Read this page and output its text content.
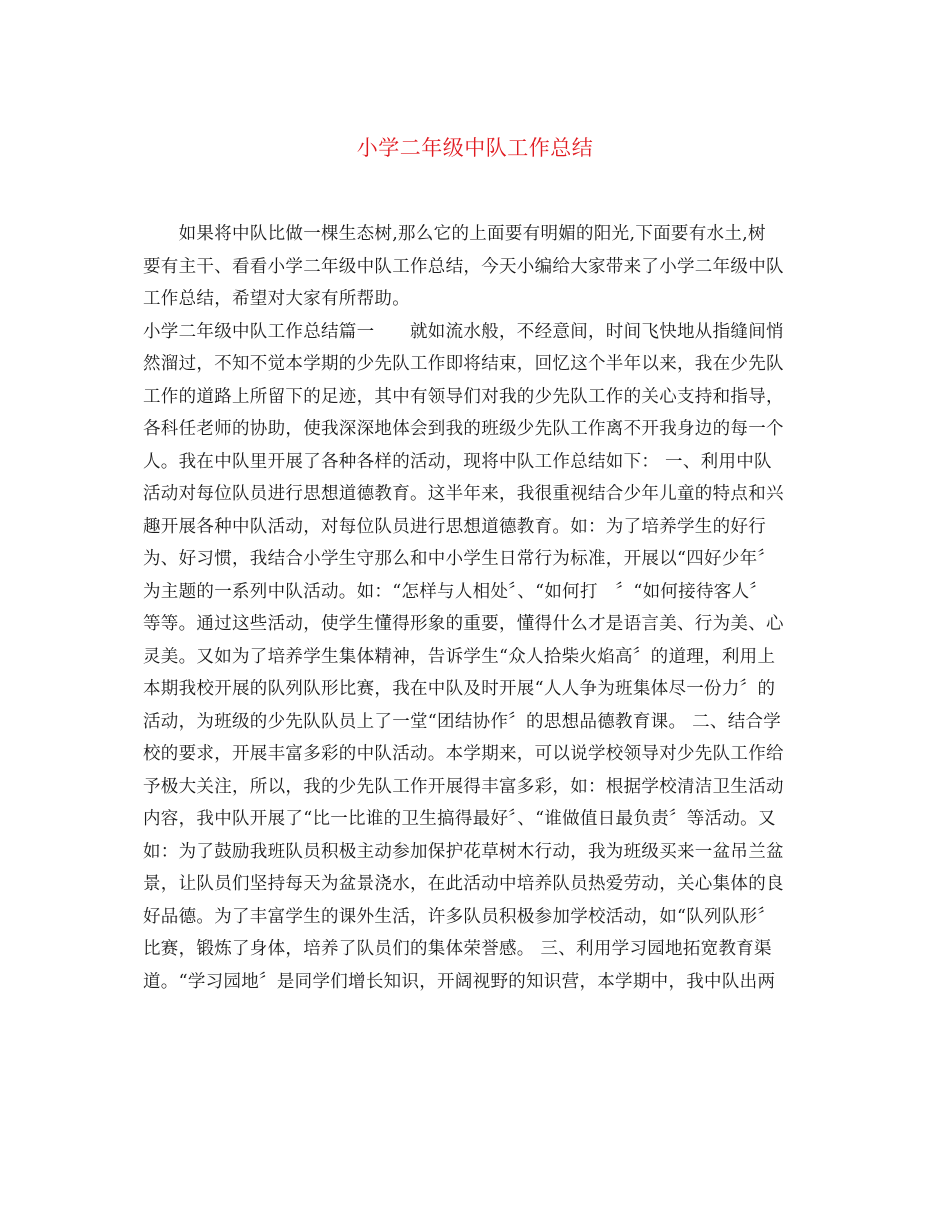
小学二年级中队工作总结
　　如果将中队比做一棵生态树,那么它的上面要有明媚的阳光,下面要有水土,树
要有主干、看看小学二年级中队工作总结，今天小编给大家带来了小学二年级中队
工作总结，希望对大家有所帮助。
小学二年级中队工作总结篇一　　就如流水般，不经意间，时间飞快地从指缝间悄
然溜过，不知不觉本学期的少先队工作即将结束，回忆这个半年以来，我在少先队
工作的道路上所留下的足迹，其中有领导们对我的少先队工作的关心支持和指导，
各科任老师的协助，使我深深地体会到我的班级少先队工作离不开我身边的每一个
人。我在中队里开展了各种各样的活动，现将中队工作总结如下： 一、利用中队
活动对每位队员进行思想道德教育。这半年来，我很重视结合少年儿童的特点和兴
趣开展各种中队活动，对每位队员进行思想道德教育。如：为了培养学生的好行
为、好习惯，我结合小学生守那么和中小学生日常行为标准，开展以“四好少年〞
为主题的一系列中队活动。如：“怎样与人相处〞、“如何打　〞“如何接待客人〞
等等。通过这些活动，使学生懂得形象的重要，懂得什么才是语言美、行为美、心
灵美。又如为了培养学生集体精神，告诉学生“众人拾柴火焰高〞的道理，利用上
本期我校开展的队列队形比赛，我在中队及时开展“人人争为班集体尽一份力〞的
活动，为班级的少先队队员上了一堂“团结协作〞的思想品德教育课。 二、结合学
校的要求，开展丰富多彩的中队活动。本学期来，可以说学校领导对少先队工作给
予极大关注，所以，我的少先队工作开展得丰富多彩，如：根据学校清洁卫生活动
内容，我中队开展了“比一比谁的卫生搞得最好〞、“谁做值日最负责〞等活动。又
如：为了鼓励我班队员积极主动参加保护花草树木行动，我为班级买来一盆吊兰盆
景，让队员们坚持每天为盆景浇水，在此活动中培养队员热爱劳动，关心集体的良
好品德。为了丰富学生的课外生活，许多队员积极参加学校活动，如“队列队形〞
比赛，锻炼了身体，培养了队员们的集体荣誉感。 三、利用学习园地拓宽教育渠
道。“学习园地〞是同学们增长知识，开阔视野的知识营，本学期中，我中队出两
